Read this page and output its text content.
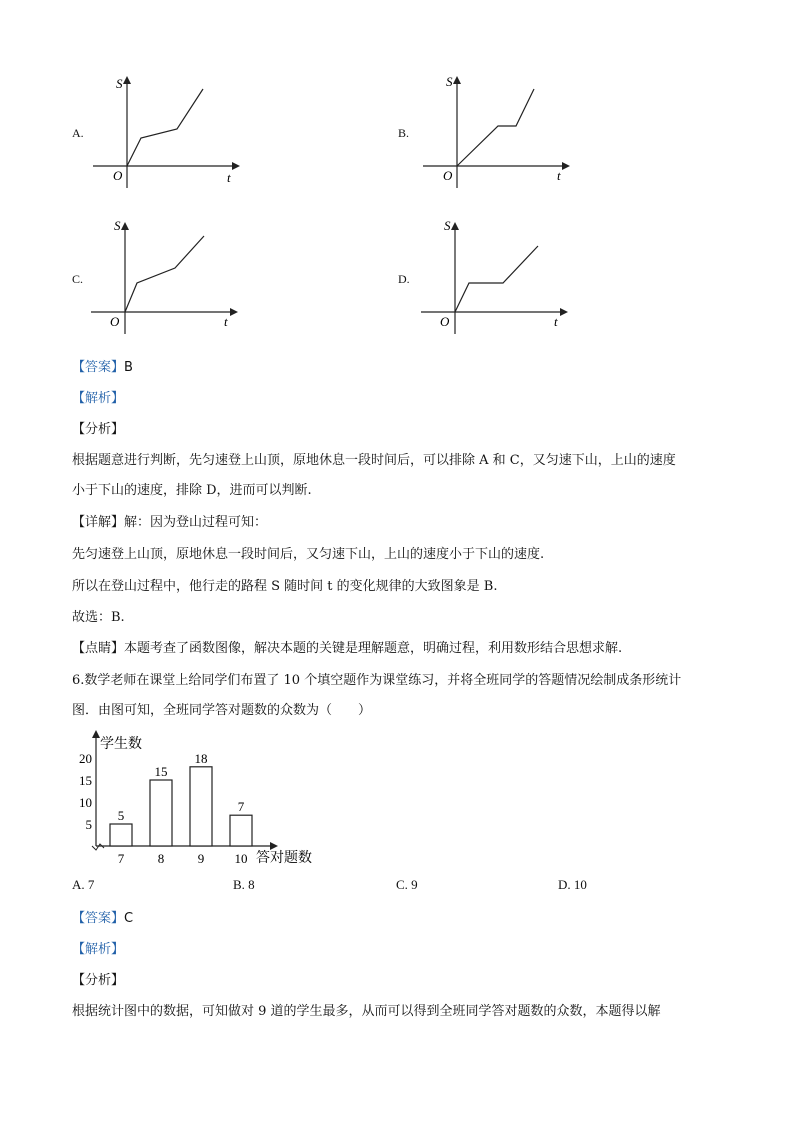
A.	B.
C.	D.
S
t
O
S
t
O
S
t
O
S
t
O
【答案】B
【解析】
【分析】
根据题意进行判断，先匀速登上山顶，原地休息一段时间后，可以排除 A 和 C，又匀速下山，上山的速度
小于下山的速度，排除 D，进而可以判断.
【详解】解：因为登山过程可知：
先匀速登上山顶，原地休息一段时间后，又匀速下山，上山的速度小于下山的速度.
所以在登山过程中，他行走的路程 S 随时间 t 的变化规律的大致图象是 B.
故选：B.
【点睛】本题考查了函数图像，解决本题的关键是理解题意，明确过程，利用数形结合思想求解.
6.数学老师在课堂上给同学们布置了 10 个填空题作为课堂练习，并将全班同学的答题情况绘制成条形统计
图．由图可知，全班同学答对题数的众数为（　　）
学生数
答对题数
5
10
15
20
5
7
15
8
18
9
7
10
A. 7	B. 8	C. 9	D. 10
【答案】C
【解析】
【分析】
根据统计图中的数据，可知做对 9 道的学生最多，从而可以得到全班同学答对题数的众数，本题得以解
